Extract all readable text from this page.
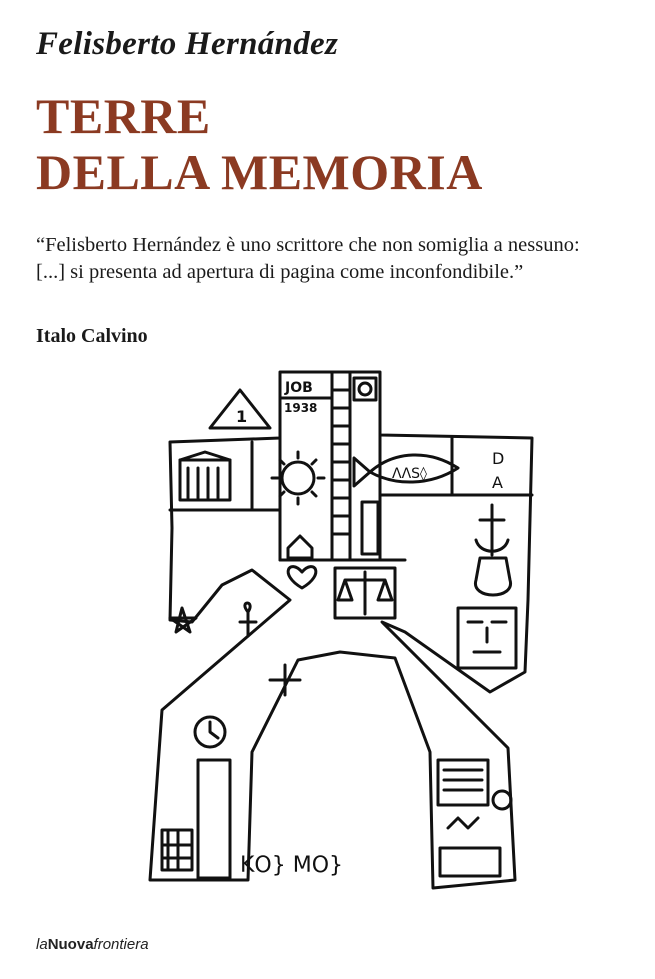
Felisberto Hernández
TERRE
DELLA MEMORIA

“Felisberto Hernández è uno scrittore che non somiglia a nessuno: [...] si presenta ad apertura di pagina come inconfondibile.”

Italo Calvino

JOB
1938
1
ΛΛS◊
D
A
ΚΟ} ΜΟ}
laNuovafrontiera
